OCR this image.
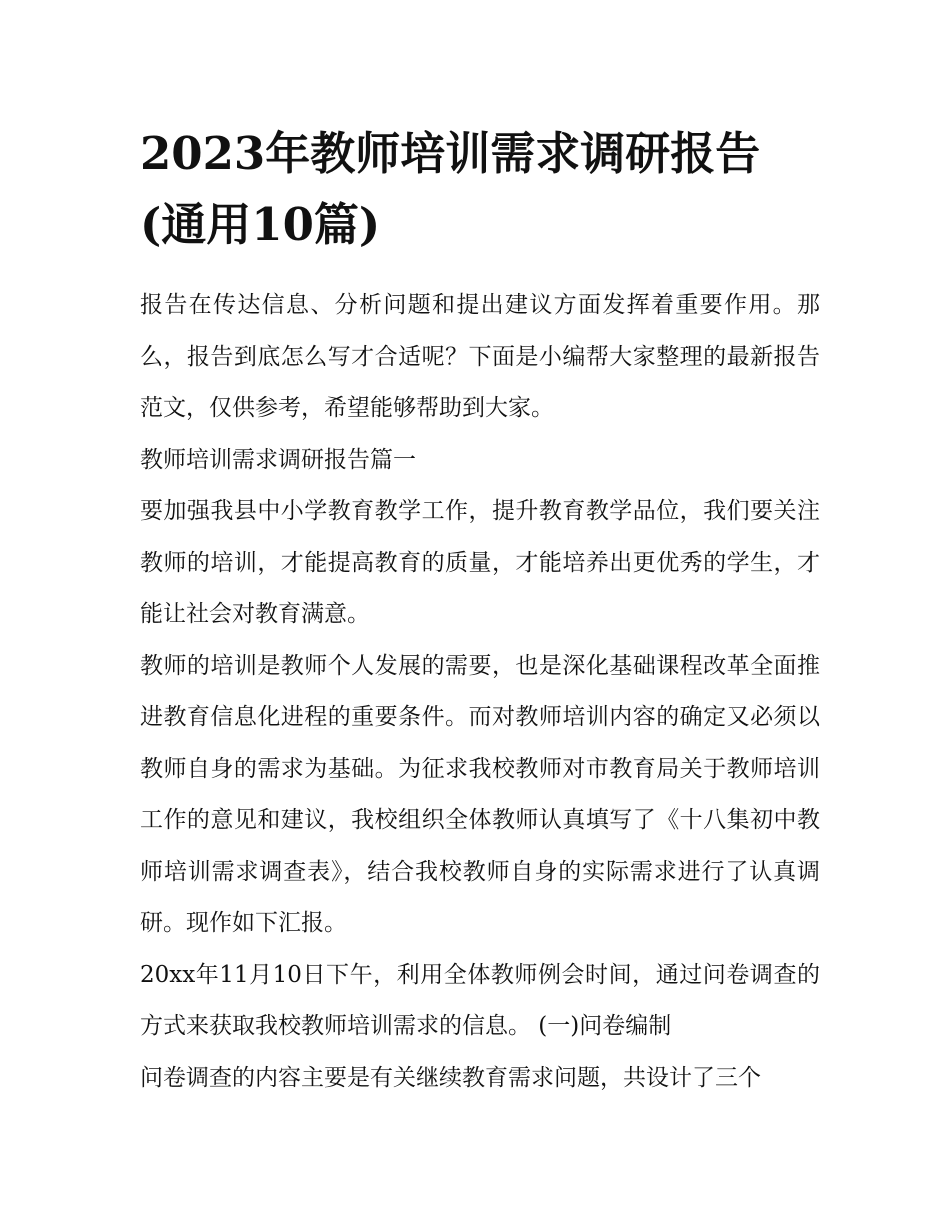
2023年教师培训需求调研报告(通用10篇)

报告在传达信息、分析问题和提出建议方面发挥着重要作用。那么，报告到底怎么写才合适呢？下面是小编帮大家整理的最新报告范文，仅供参考，希望能够帮助到大家。

教师培训需求调研报告篇一

要加强我县中小学教育教学工作，提升教育教学品位，我们要关注教师的培训，才能提高教育的质量，才能培养出更优秀的学生，才能让社会对教育满意。

教师的培训是教师个人发展的需要，也是深化基础课程改革全面推进教育信息化进程的重要条件。而对教师培训内容的确定又必须以教师自身的需求为基础。为征求我校教师对市教育局关于教师培训工作的意见和建议，我校组织全体教师认真填写了《十八集初中教师培训需求调查表》，结合我校教师自身的实际需求进行了认真调研。现作如下汇报。

20xx年11月10日下午，利用全体教师例会时间，通过问卷调查的方式来获取我校教师培训需求的信息。 (一)问卷编制

问卷调查的内容主要是有关继续教育需求问题，共设计了三个
